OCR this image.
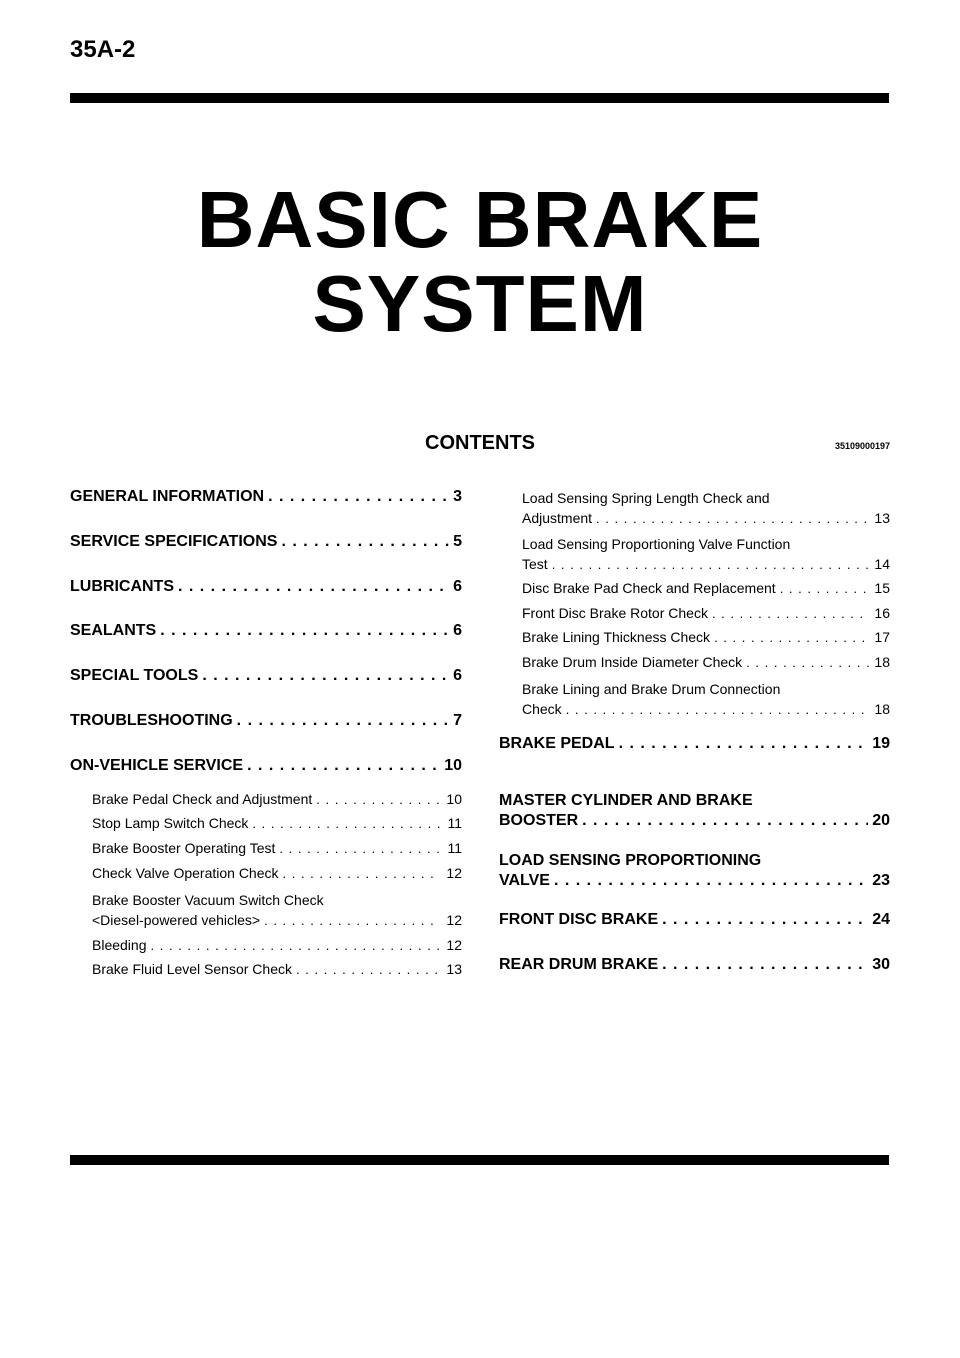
35A-2
BASIC BRAKE
SYSTEM
CONTENTS	35109000197
GENERAL INFORMATION . . .	3
SERVICE SPECIFICATIONS . . .	5
LUBRICANTS . . .	6
SEALANTS . . .	6
SPECIAL TOOLS . . .	6
TROUBLESHOOTING . . .	7
ON-VEHICLE SERVICE . . .	10
Brake Pedal Check and Adjustment . . .	10
Stop Lamp Switch Check . . .	11
Brake Booster Operating Test . . .	11
Check Valve Operation Check . . .	12
Brake Booster Vacuum Switch Check
<Diesel-powered vehicles> . . .	12
Bleeding . . .	12
Brake Fluid Level Sensor Check . . .	13
Load Sensing Spring Length Check and
Adjustment . . .	13
Load Sensing Proportioning Valve Function
Test . . .	14
Disc Brake Pad Check and Replacement . . .	15
Front Disc Brake Rotor Check . . .	16
Brake Lining Thickness Check . . .	17
Brake Drum Inside Diameter Check . . .	18
Brake Lining and Brake Drum Connection
Check . . .	18
BRAKE PEDAL . . .	19
MASTER CYLINDER AND BRAKE
BOOSTER . . .	20
LOAD SENSING PROPORTIONING
VALVE . . .	23
FRONT DISC BRAKE . . .	24
REAR DRUM BRAKE . . .	30
